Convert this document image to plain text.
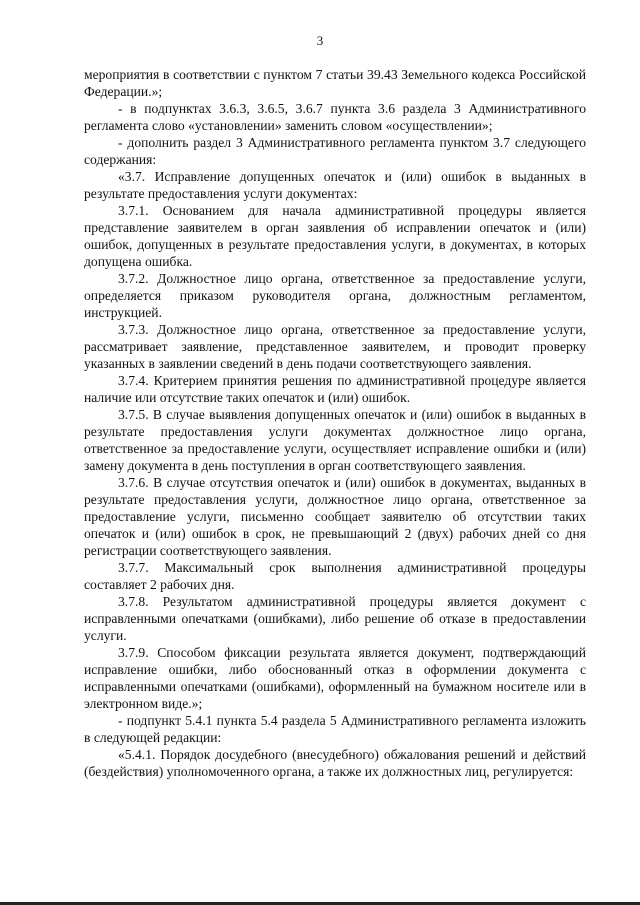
3

мероприятия в соответствии с пунктом 7 статьи 39.43 Земельного кодекса Российской Федерации.»;

- в подпунктах 3.6.3, 3.6.5, 3.6.7 пункта 3.6 раздела 3 Административного регламента слово «установлении» заменить словом «осуществлении»;

- дополнить раздел 3 Административного регламента пунктом 3.7 следующего содержания:

«3.7. Исправление допущенных опечаток и (или) ошибок в выданных в результате предоставления услуги документах:

3.7.1. Основанием для начала административной процедуры является представление заявителем в орган заявления об исправлении опечаток и (или) ошибок, допущенных в результате предоставления услуги, в документах, в которых допущена ошибка.

3.7.2. Должностное лицо органа, ответственное за предоставление услуги, определяется приказом руководителя органа, должностным регламентом, инструкцией.

3.7.3. Должностное лицо органа, ответственное за предоставление услуги, рассматривает заявление, представленное заявителем, и проводит проверку указанных в заявлении сведений в день подачи соответствующего заявления.

3.7.4. Критерием принятия решения по административной процедуре является наличие или отсутствие таких опечаток и (или) ошибок.

3.7.5. В случае выявления допущенных опечаток и (или) ошибок в выданных в результате предоставления услуги документах должностное лицо органа, ответственное за предоставление услуги, осуществляет исправление ошибки и (или) замену документа в день поступления в орган соответствующего заявления.

3.7.6. В случае отсутствия опечаток и (или) ошибок в документах, выданных в результате предоставления услуги, должностное лицо органа, ответственное за предоставление услуги, письменно сообщает заявителю об отсутствии таких опечаток и (или) ошибок в срок, не превышающий 2 (двух) рабочих дней со дня регистрации соответствующего заявления.

3.7.7. Максимальный срок выполнения административной процедуры составляет 2 рабочих дня.

3.7.8. Результатом административной процедуры является документ с исправленными опечатками (ошибками), либо решение об отказе в предоставлении услуги.

3.7.9. Способом фиксации результата является документ, подтверждающий исправление ошибки, либо обоснованный отказ в оформлении документа с исправленными опечатками (ошибками), оформленный на бумажном носителе или в электронном виде.»;

- подпункт 5.4.1 пункта 5.4 раздела 5 Административного регламента изложить в следующей редакции:

«5.4.1. Порядок досудебного (внесудебного) обжалования решений и действий (бездействия) уполномоченного органа, а также их должностных лиц, регулируется:
